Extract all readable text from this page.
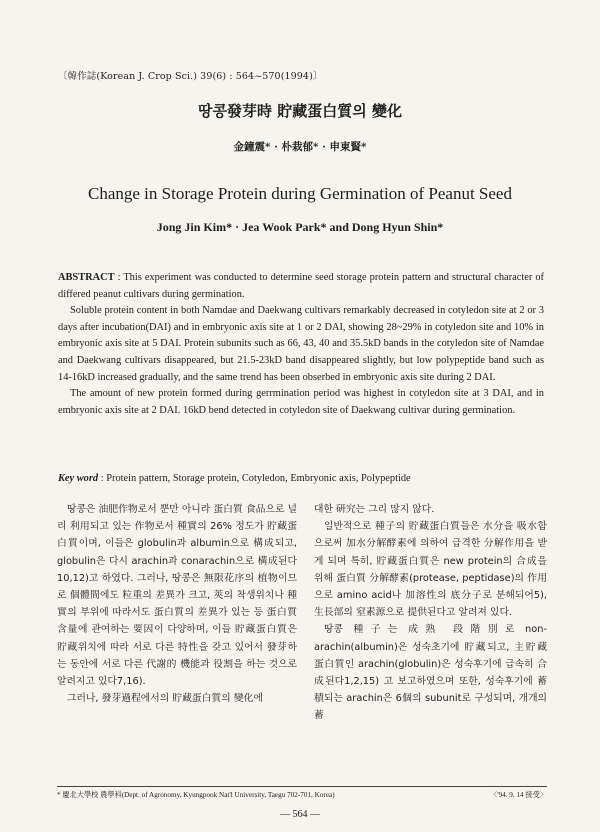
〔韓作誌(Korean J. Crop Sci.) 39(6) : 564~570(1994)〕
땅콩發芽時 貯藏蛋白質의 變化
金鐘震* · 朴栽郁* · 申東賢*
Change in Storage Protein during Germination of Peanut Seed
Jong Jin Kim* · Jea Wook Park* and Dong Hyun Shin*

ABSTRACT : This experiment was conducted to determine seed storage protein pattern and structural character of differed peanut cultivars during germination.

Soluble protein content in both Namdae and Daekwang cultivars remarkably decreased in cotyledon site at 2 or 3 days after incubation(DAI) and in embryonic axis site at 1 or 2 DAI, showing 28~29% in cotyledon site and 10% in embryonic axis site at 5 DAI. Protein subunits such as 66, 43, 40 and 35.5kD bands in the cotyledon site of Namdae and Daekwang cultivars disappeared, but 21.5-23kD band disappeared slightly, but low polypeptide band such as 14-16kD increased gradually, and the same trend has been obserbed in embryonic axis site during 2 DAI.

The amount of new protein formed during gerrmination period was highest in cotyledon site at 3 DAI, and in embryonic axis site at 2 DAI. 16kD bend detected in cotyledon site of Daekwang cultivar during germination.

Key word : Protein pattern, Storage protein, Cotyledon, Embryonic axis, Polypeptide

땅콩은 油肥作物로서 뿐만 아니라 蛋白質 食品으로 널리 利用되고 있는 作物로서 種實의 26% 정도가 貯藏蛋白質이며, 이들은 globulin과 albumin으로 構成되고, globulin은 다시 arachin과 conarachin으로 構成된다10,12)고 하였다. 그러나, 땅콩은 無限花序의 植物이므로 個體間에도 粒重의 差異가 크고, 莢의 착생위치나 種實의 부위에 따라서도 蛋白質의 差異가 있는 등 蛋白質 含量에 관여하는 要因이 다양하며, 이들 貯藏蛋白質은 貯藏위치에 따라 서로 다른 特性을 갖고 있어서 發芽하는 동안에 서로 다른 代謝的 機能과 役割을 하는 것으로 알려지고 있다7,16).

그러나, 發芽過程에서의 貯藏蛋白質의 變化에

대한 硏究는 그리 많지 않다.

일반적으로 種子의 貯藏蛋白質들은 水分을 吸水함으로써 加水分解酵素에 의하여 급격한 分解作用을 받게 되며 특히, 貯藏蛋白質은 new protein의 合成을 위해 蛋白質 分解酵素(protease, peptidase)의 作用으로 amino acid나 加溶性의 底分子로 분해되어5), 生長部의 窒素源으로 提供된다고 알려져 있다.

땅콩 種子는 成熟 段階別로 non-arachin(albumin)은 성숙초기에 貯藏되고, 主貯藏 蛋白質인 arachin(globulin)은 성숙후기에 급속히 合成된다1,2,15) 고 보고하였으며 또한, 성숙후기에 蓄積되는 arachin은 6個의 subunit로 구성되며, 개개의 蓄

* 慶北大學校 農學科(Dept. of Agronomy, Kyungpook Nat'l University, Taegu 702-701, Korea)	〈'94. 9. 14 接受〉
— 564 —
